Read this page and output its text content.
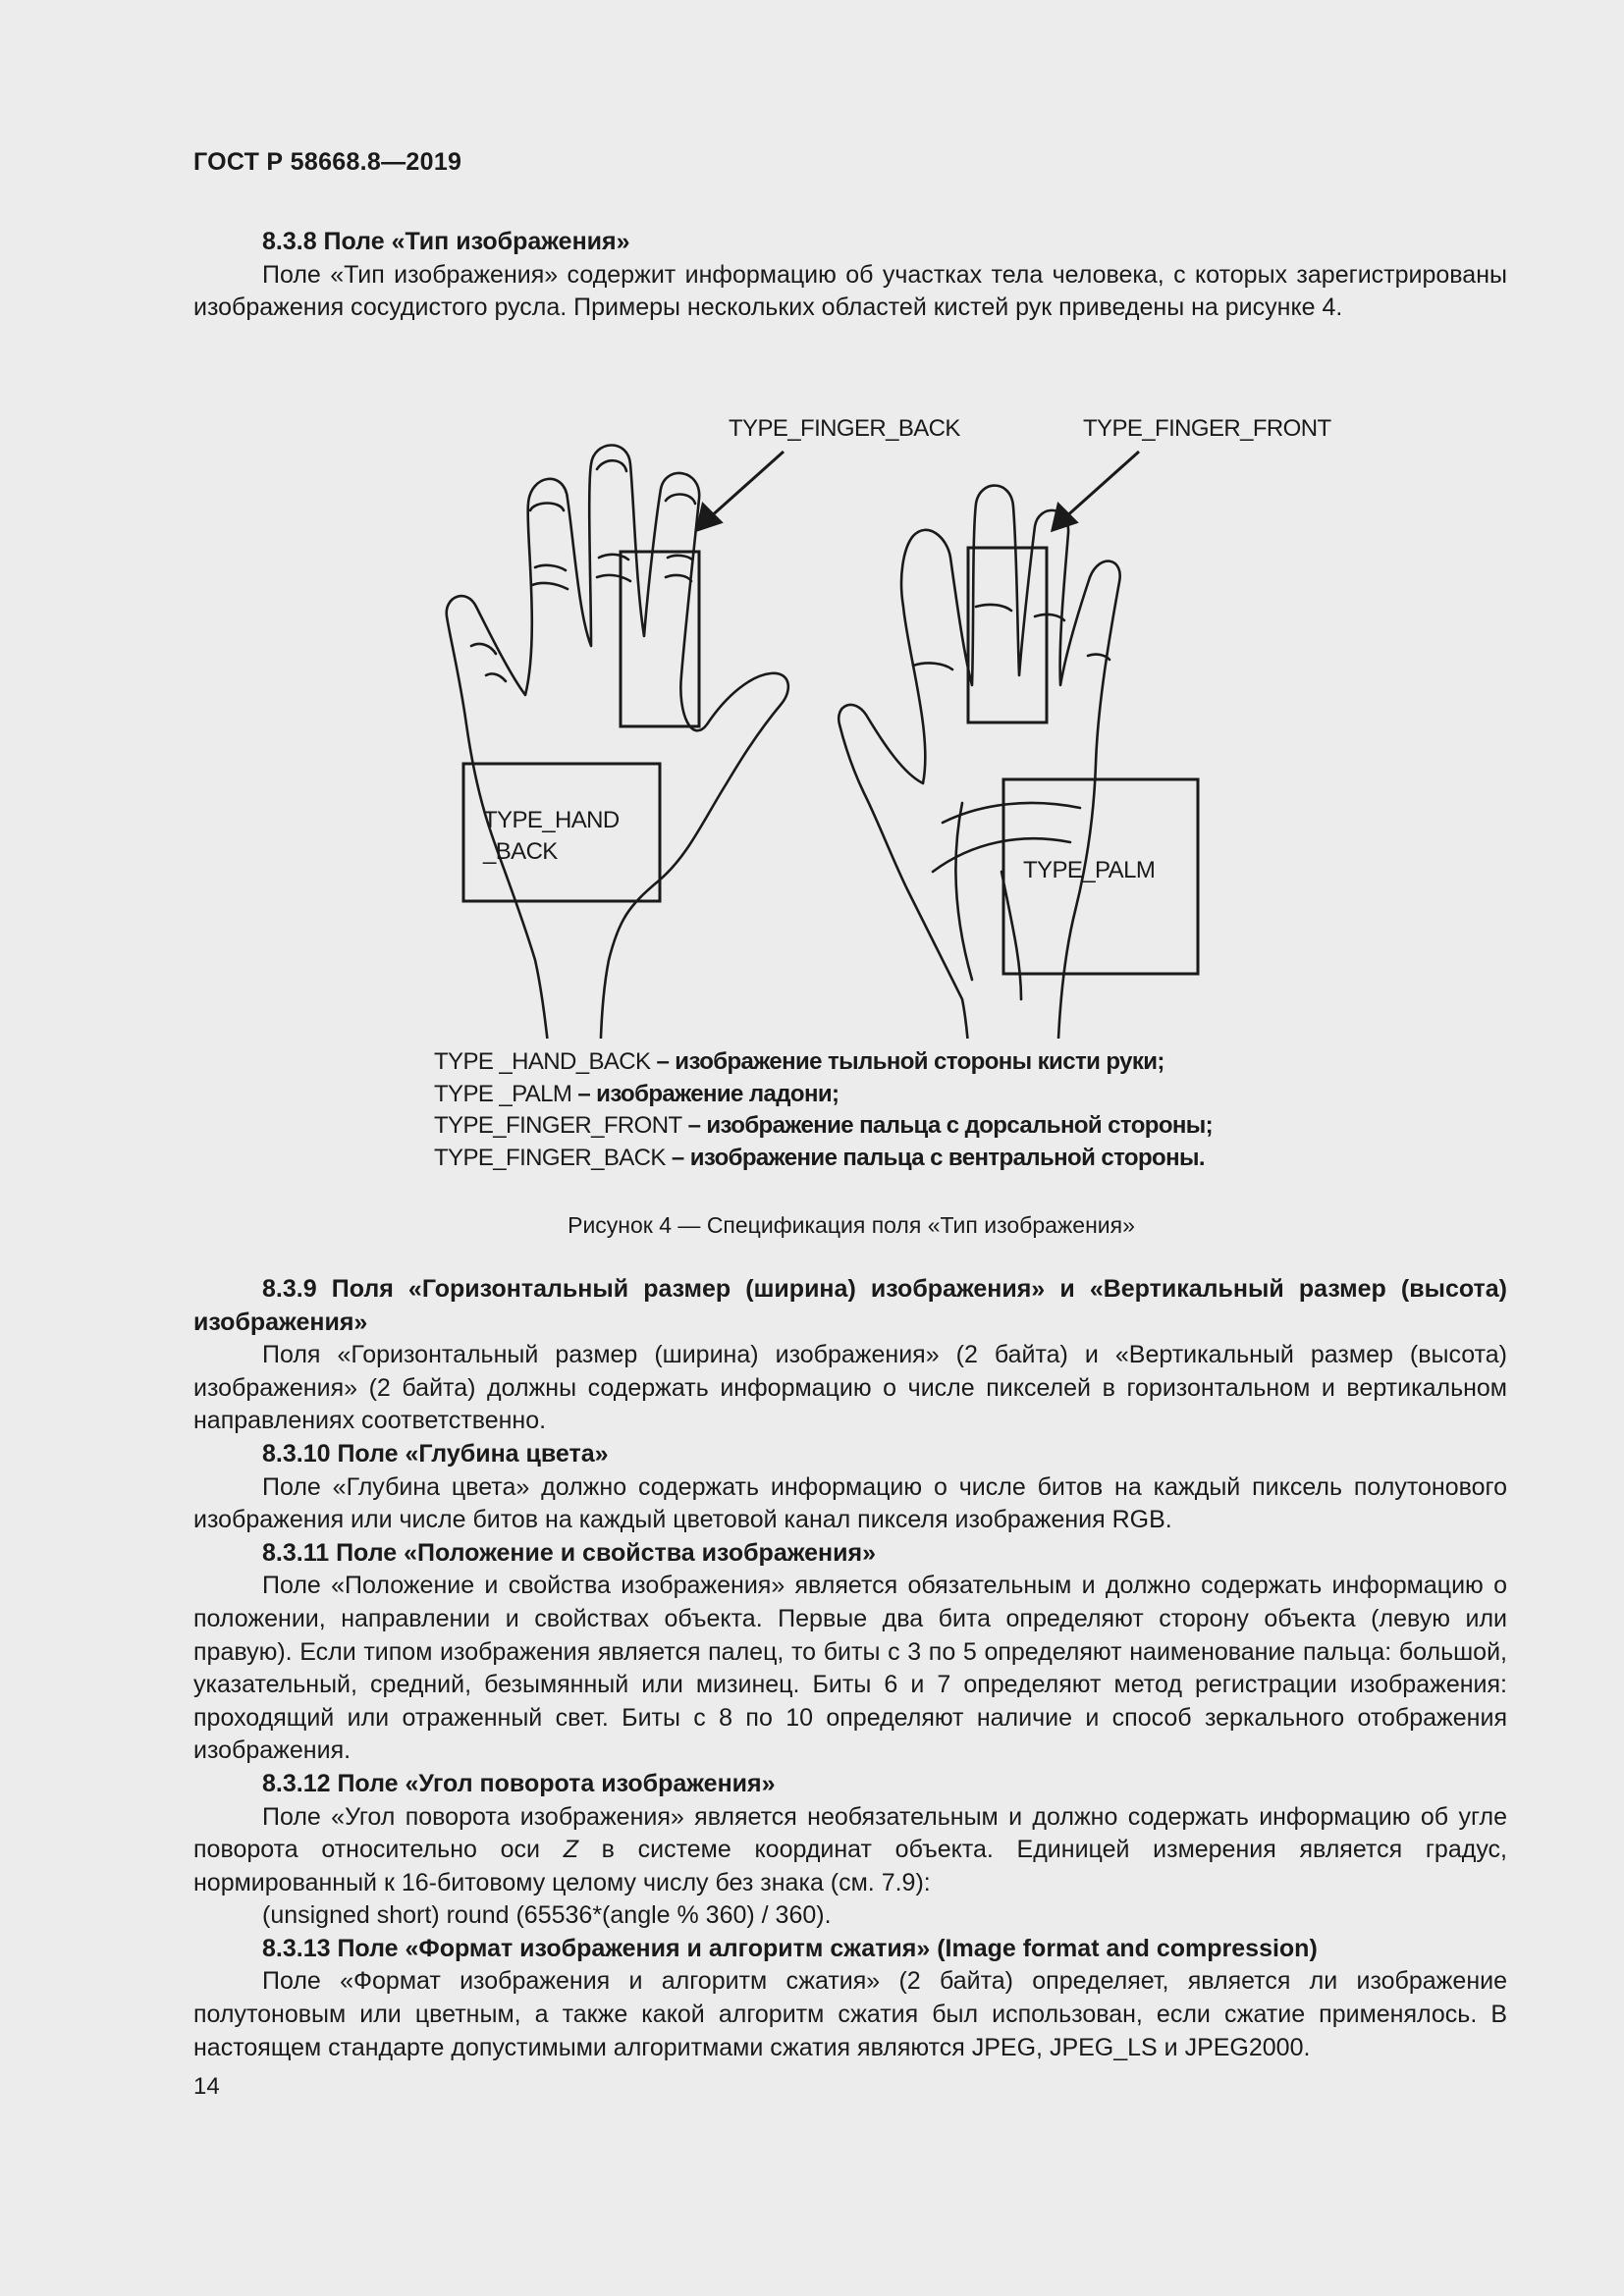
ГОСТ Р 58668.8—2019
8.3.8 Поле «Тип изображения»
Поле «Тип изображения» содержит информацию об участках тела человека, с которых зарегистрированы изображения сосудистого русла. Примеры нескольких областей кистей рук приведены на рисунке 4.
TYPE_FINGER_BACK	TYPE_FINGER_FRONT
TYPE_HAND
_BACK
TYPE_PALM
TYPE _HAND_BACK – изображение тыльной стороны кисти руки;
TYPE _PALM – изображение ладони;
TYPE_FINGER_FRONT – изображение пальца с дорсальной стороны;
TYPE_FINGER_BACK – изображение пальца с вентральной стороны.
Рисунок 4 — Спецификация поля «Тип изображения»
8.3.9 Поля «Горизонтальный размер (ширина) изображения» и «Вертикальный размер (высота) изображения»
Поля «Горизонтальный размер (ширина) изображения» (2 байта) и «Вертикальный размер (высота) изображения» (2 байта) должны содержать информацию о числе пикселей в горизонтальном и вертикальном направлениях соответственно.
8.3.10 Поле «Глубина цвета»
Поле «Глубина цвета» должно содержать информацию о числе битов на каждый пиксель полутонового изображения или числе битов на каждый цветовой канал пикселя изображения RGB.
8.3.11 Поле «Положение и свойства изображения»
Поле «Положение и свойства изображения» является обязательным и должно содержать информацию о положении, направлении и свойствах объекта. Первые два бита определяют сторону объекта (левую или правую). Если типом изображения является палец, то биты с 3 по 5 определяют наименование пальца: большой, указательный, средний, безымянный или мизинец. Биты 6 и 7 определяют метод регистрации изображения: проходящий или отраженный свет. Биты с 8 по 10 определяют наличие и способ зеркального отображения изображения.
8.3.12 Поле «Угол поворота изображения»
Поле «Угол поворота изображения» является необязательным и должно содержать информацию об угле поворота относительно оси Z в системе координат объекта. Единицей измерения является градус, нормированный к 16-битовому целому числу без знака (см. 7.9):
(unsigned short) round (65536*(angle % 360) / 360).
8.3.13 Поле «Формат изображения и алгоритм сжатия» (Image format and compression)
Поле «Формат изображения и алгоритм сжатия» (2 байта) определяет, является ли изображение полутоновым или цветным, а также какой алгоритм сжатия был использован, если сжатие применялось. В настоящем стандарте допустимыми алгоритмами сжатия являются JPEG, JPEG_LS и JPEG2000.
14
